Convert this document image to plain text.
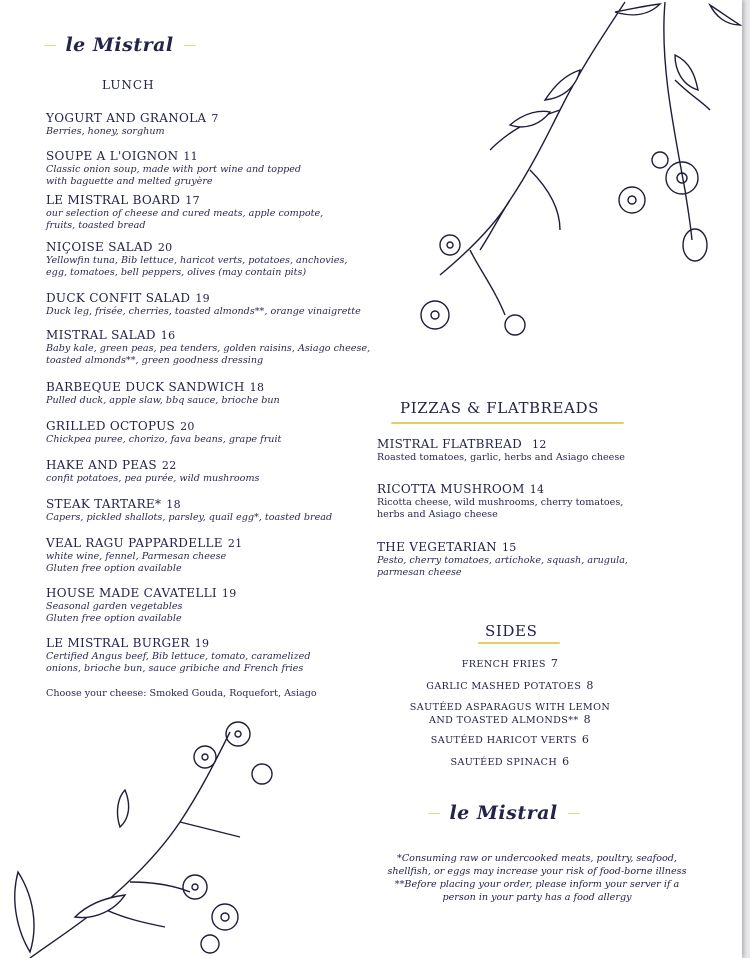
~~~ le Mistral ~~~
LUNCH
YOGURT AND GRANOLA 7
Berries, honey, sorghum
SOUPE A L'OIGNON 11
Classic onion soup, made with port wine and topped
with baguette and melted gruyère
LE MISTRAL BOARD 17
our selection of cheese and cured meats, apple compote,
fruits, toasted bread
NIÇOISE SALAD 20
Yellowfin tuna, Bib lettuce, haricot verts, potatoes, anchovies,
egg, tomatoes, bell peppers, olives (may contain pits)
DUCK CONFIT SALAD 19
Duck leg, frisée, cherries, toasted almonds**, orange vinaigrette
MISTRAL SALAD 16
Baby kale, green peas, pea tenders, golden raisins, Asiago cheese,
toasted almonds**, green goodness dressing
BARBEQUE DUCK SANDWICH 18
Pulled duck, apple slaw, bbq sauce, brioche bun
GRILLED OCTOPUS 20
Chickpea puree, chorizo, fava beans, grape fruit
HAKE AND PEAS 22
confit potatoes, pea purée, wild mushrooms
STEAK TARTARE* 18
Capers, pickled shallots, parsley, quail egg*, toasted bread
VEAL RAGU PAPPARDELLE 21
white wine, fennel, Parmesan cheese
Gluten free option available
HOUSE MADE CAVATELLI 19
Seasonal garden vegetables
Gluten free option available
LE MISTRAL BURGER 19
Certified Angus beef, Bib lettuce, tomato, caramelized
onions, brioche bun, sauce gribiche and French fries
Choose your cheese: Smoked Gouda, Roquefort, Asiago
PIZZAS & FLATBREADS
MISTRAL FLATBREAD 12
Roasted tomatoes, garlic, herbs and Asiago cheese
RICOTTA MUSHROOM 14
Ricotta cheese, wild mushrooms, cherry tomatoes,
herbs and Asiago cheese
THE VEGETARIAN 15
Pesto, cherry tomatoes, artichoke, squash, arugula,
parmesan cheese
SIDES
FRENCH FRIES 7
GARLIC MASHED POTATOES 8
SAUTÉED ASPARAGUS WITH LEMON
AND TOASTED ALMONDS** 8
SAUTÉED HARICOT VERTS 6
SAUTÉED SPINACH 6
~~~ le Mistral ~~~
*Consuming raw or undercooked meats, poultry, seafood,
shellfish, or eggs may increase your risk of food-borne illness
**Before placing your order, please inform your server if a
person in your party has a food allergy
